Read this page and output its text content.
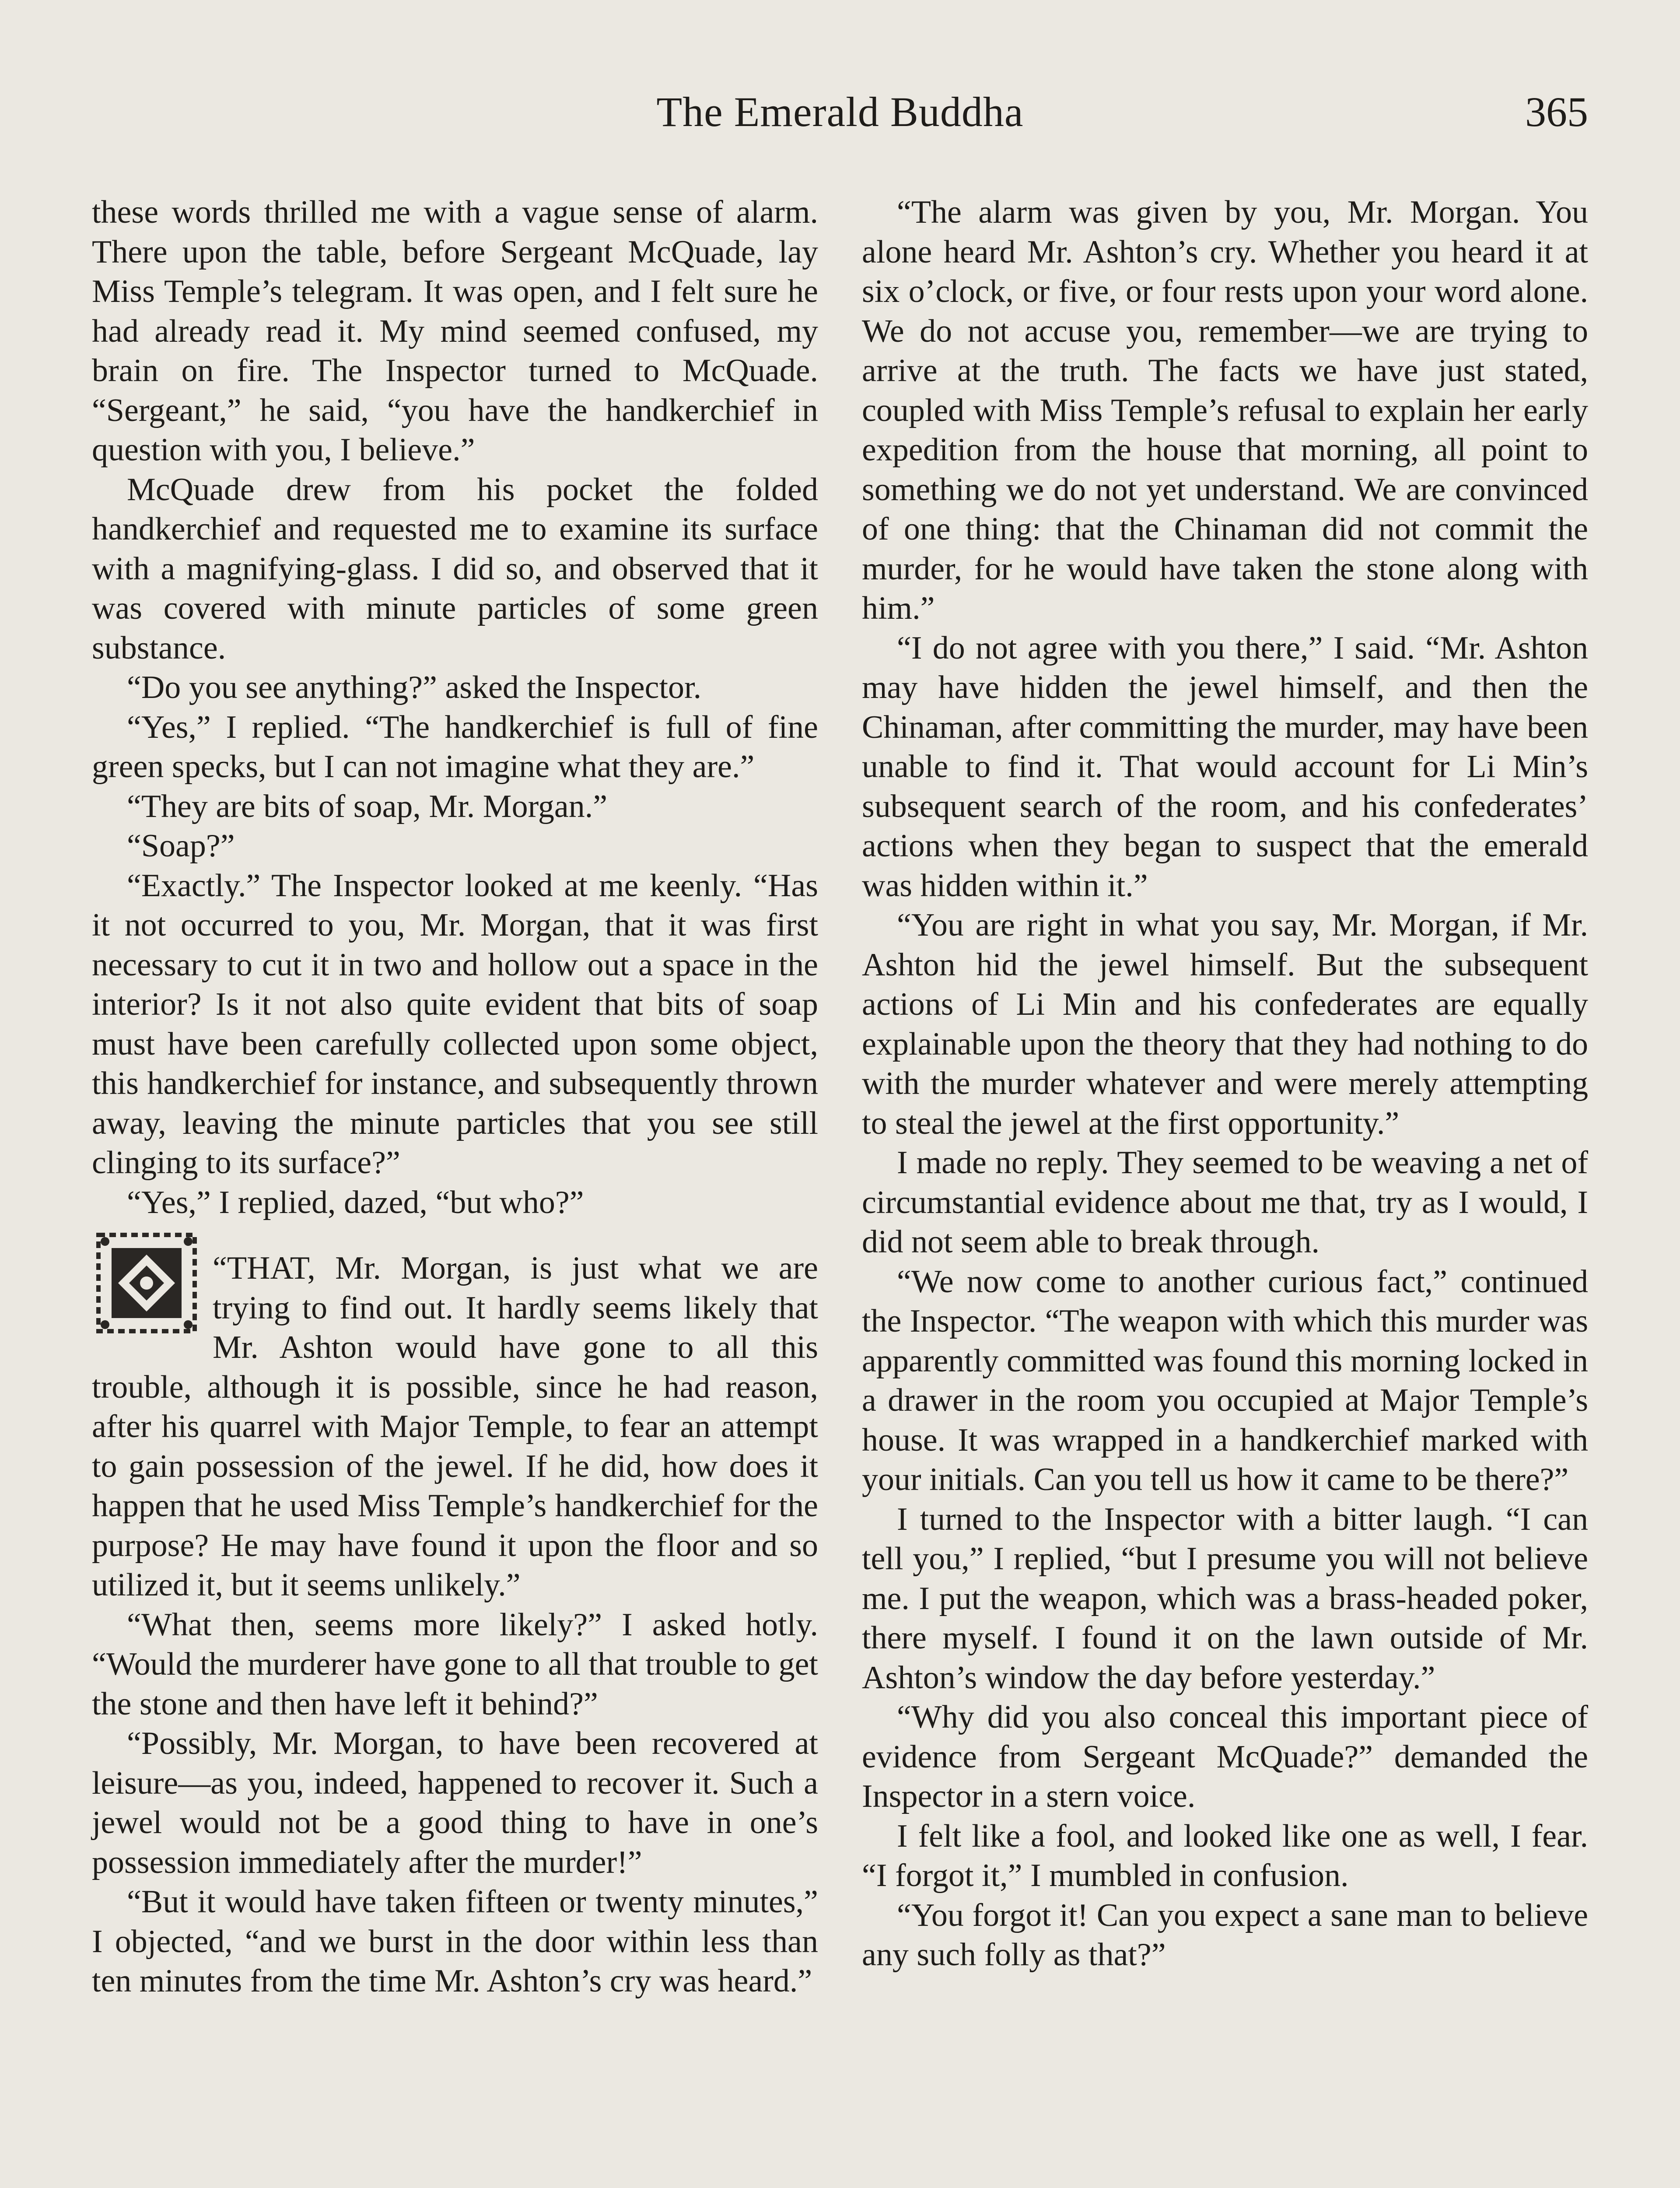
The Emerald Buddha	365

these words thrilled me with a vague sense of alarm. There upon the table, before Sergeant McQuade, lay Miss Temple’s telegram. It was open, and I felt sure he had already read it. My mind seemed confused, my brain on fire. The Inspector turned to McQuade. “Sergeant,” he said, “you have the handkerchief in question with you, I believe.”

McQuade drew from his pocket the folded handkerchief and requested me to examine its surface with a magnifying-glass. I did so, and observed that it was covered with minute particles of some green substance.

“Do you see anything?” asked the Inspector.

“Yes,” I replied. “The handkerchief is full of fine green specks, but I can not imagine what they are.”

“They are bits of soap, Mr. Morgan.”

“Soap?”

“Exactly.” The Inspector looked at me keenly. “Has it not occurred to you, Mr. Morgan, that it was first necessary to cut it in two and hollow out a space in the interior? Is it not also quite evident that bits of soap must have been carefully collected upon some object, this handkerchief for instance, and subsequently thrown away, leaving the minute particles that you see still clinging to its surface?”

“Yes,” I replied, dazed, “but who?”

“THAT, Mr. Morgan, is just what we are trying to find out. It hardly seems likely that Mr. Ashton would have gone to all this trouble, although it is possible, since he had reason, after his quarrel with Major Temple, to fear an attempt to gain possession of the jewel. If he did, how does it happen that he used Miss Temple’s handkerchief for the purpose? He may have found it upon the floor and so utilized it, but it seems unlikely.”

“What then, seems more likely?” I asked hotly. “Would the murderer have gone to all that trouble to get the stone and then have left it behind?”

“Possibly, Mr. Morgan, to have been recovered at leisure—as you, indeed, happened to recover it. Such a jewel would not be a good thing to have in one’s possession immediately after the murder!”

“But it would have taken fifteen or twenty minutes,” I objected, “and we burst in the door within less than ten minutes from the time Mr. Ashton’s cry was heard.”

“The alarm was given by you, Mr. Morgan. You alone heard Mr. Ashton’s cry. Whether you heard it at six o’clock, or five, or four rests upon your word alone. We do not accuse you, remember—we are trying to arrive at the truth. The facts we have just stated, coupled with Miss Temple’s refusal to explain her early expedition from the house that morning, all point to something we do not yet understand. We are convinced of one thing: that the Chinaman did not commit the murder, for he would have taken the stone along with him.”

“I do not agree with you there,” I said. “Mr. Ashton may have hidden the jewel himself, and then the Chinaman, after committing the murder, may have been unable to find it. That would account for Li Min’s subsequent search of the room, and his confederates’ actions when they began to suspect that the emerald was hidden within it.”

“You are right in what you say, Mr. Morgan, if Mr. Ashton hid the jewel himself. But the subsequent actions of Li Min and his confederates are equally explainable upon the theory that they had nothing to do with the murder whatever and were merely attempting to steal the jewel at the first opportunity.”

I made no reply. They seemed to be weaving a net of circumstantial evidence about me that, try as I would, I did not seem able to break through.

“We now come to another curious fact,” continued the Inspector. “The weapon with which this murder was apparently committed was found this morning locked in a drawer in the room you occupied at Major Temple’s house. It was wrapped in a handkerchief marked with your initials. Can you tell us how it came to be there?”

I turned to the Inspector with a bitter laugh. “I can tell you,” I replied, “but I presume you will not believe me. I put the weapon, which was a brass-headed poker, there myself. I found it on the lawn outside of Mr. Ashton’s window the day before yesterday.”

“Why did you also conceal this important piece of evidence from Sergeant McQuade?” demanded the Inspector in a stern voice.

I felt like a fool, and looked like one as well, I fear. “I forgot it,” I mumbled in confusion.

“You forgot it! Can you expect a sane man to believe any such folly as that?”
